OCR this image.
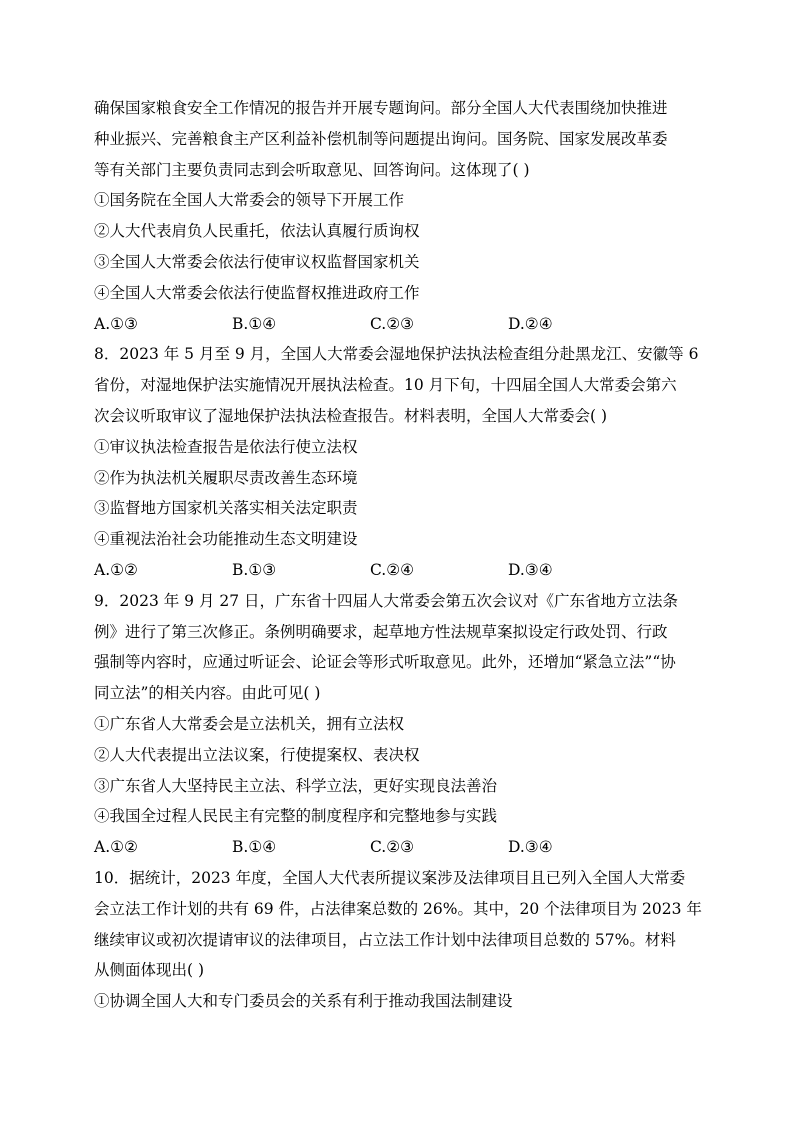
确保国家粮食安全工作情况的报告并开展专题询问。部分全国人大代表围绕加快推进
种业振兴、完善粮食主产区利益补偿机制等问题提出询问。国务院、国家发展改革委
等有关部门主要负责同志到会听取意见、回答询问。这体现了( )
①国务院在全国人大常委会的领导下开展工作
②人大代表肩负人民重托，依法认真履行质询权
③全国人大常委会依法行使审议权监督国家机关
④全国人大常委会依法行使监督权推进政府工作
A.①③	B.①④	C.②③	D.②④
8．2023 年 5 月至 9 月，全国人大常委会湿地保护法执法检查组分赴黑龙江、安徽等 6
省份，对湿地保护法实施情况开展执法检查。10 月下旬，十四届全国人大常委会第六
次会议听取审议了湿地保护法执法检查报告。材料表明，全国人大常委会( )
①审议执法检查报告是依法行使立法权
②作为执法机关履职尽责改善生态环境
③监督地方国家机关落实相关法定职责
④重视法治社会功能推动生态文明建设
A.①②	B.①③	C.②④	D.③④
9．2023 年 9 月 27 日，广东省十四届人大常委会第五次会议对《广东省地方立法条
例》进行了第三次修正。条例明确要求，起草地方性法规草案拟设定行政处罚、行政
强制等内容时，应通过听证会、论证会等形式听取意见。此外，还增加“紧急立法”“协
同立法”的相关内容。由此可见( )
①广东省人大常委会是立法机关，拥有立法权
②人大代表提出立法议案，行使提案权、表决权
③广东省人大坚持民主立法、科学立法，更好实现良法善治
④我国全过程人民民主有完整的制度程序和完整地参与实践
A.①②	B.①④	C.②③	D.③④
10．据统计，2023 年度，全国人大代表所提议案涉及法律项目且已列入全国人大常委
会立法工作计划的共有 69 件，占法律案总数的 26%。其中，20 个法律项目为 2023 年
继续审议或初次提请审议的法律项目，占立法工作计划中法律项目总数的 57%。材料
从侧面体现出( )
①协调全国人大和专门委员会的关系有利于推动我国法制建设
